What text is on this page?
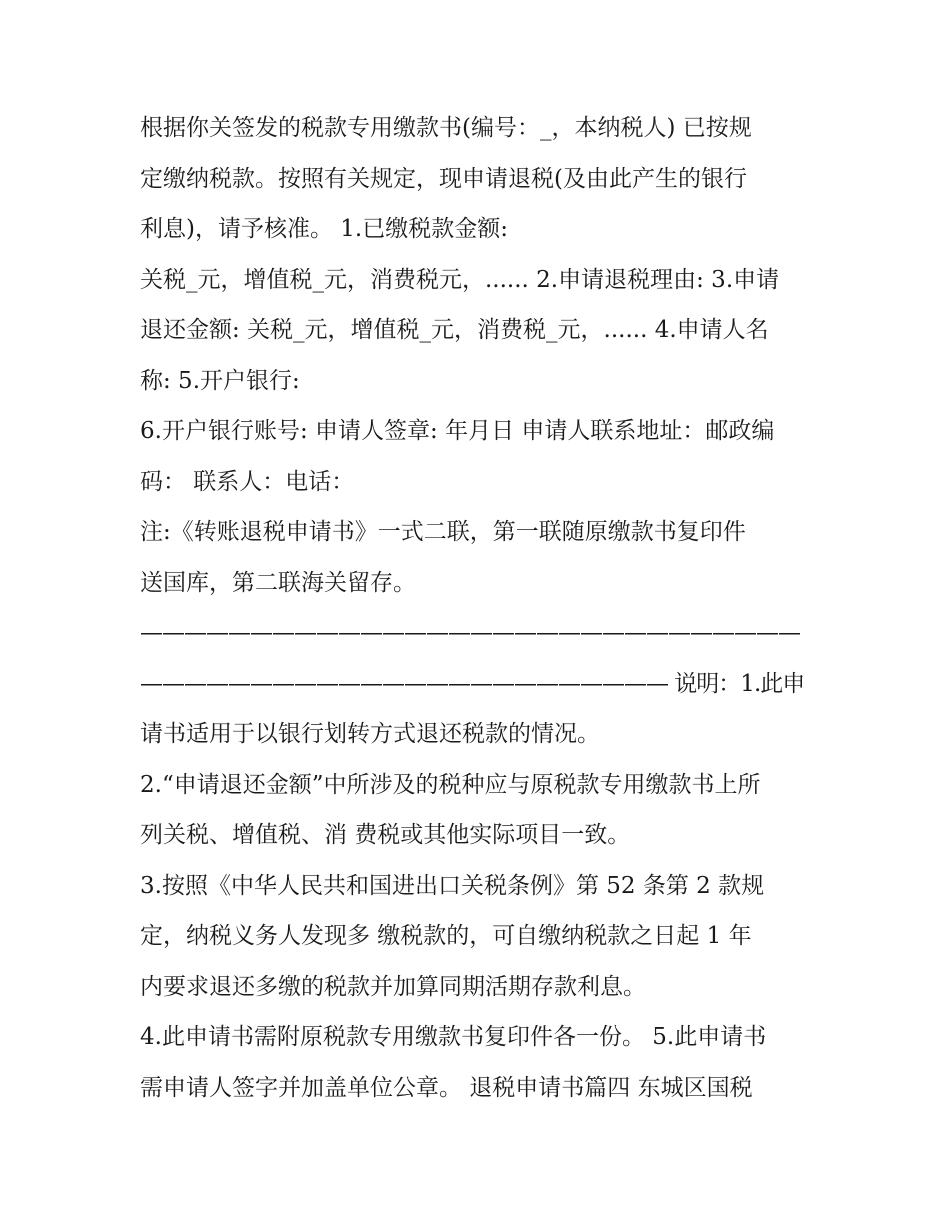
根据你关签发的税款专用缴款书(编号：_，本纳税人) 已按规
定缴纳税款。按照有关规定，现申请退税(及由此产生的银行
利息)，请予核准。 1.已缴税款金额:
关税_元，增值税_元，消费税元，...... 2.申请退税理由: 3.申请
退还金额: 关税_元，增值税_元，消费税_元，...... 4.申请人名
称: 5.开户银行:
6.开户银行账号: 申请人签章: 年月日 申请人联系地址：邮政编
码： 联系人：电话：
注:《转账退税申请书》一式二联，第一联随原缴款书复印件
送国库，第二联海关留存。
——————————————————————————————
———————————————————————— 说明：1.此申
请书适用于以银行划转方式退还税款的情况。
2.“申请退还金额”中所涉及的税种应与原税款专用缴款书上所
列关税、增值税、消 费税或其他实际项目一致。
3.按照《中华人民共和国进出口关税条例》第 52 条第 2 款规
定，纳税义务人发现多 缴税款的，可自缴纳税款之日起 1 年
内要求退还多缴的税款并加算同期活期存款利息。
4.此申请书需附原税款专用缴款书复印件各一份。 5.此申请书
需申请人签字并加盖单位公章。 退税申请书篇四 东城区国税
